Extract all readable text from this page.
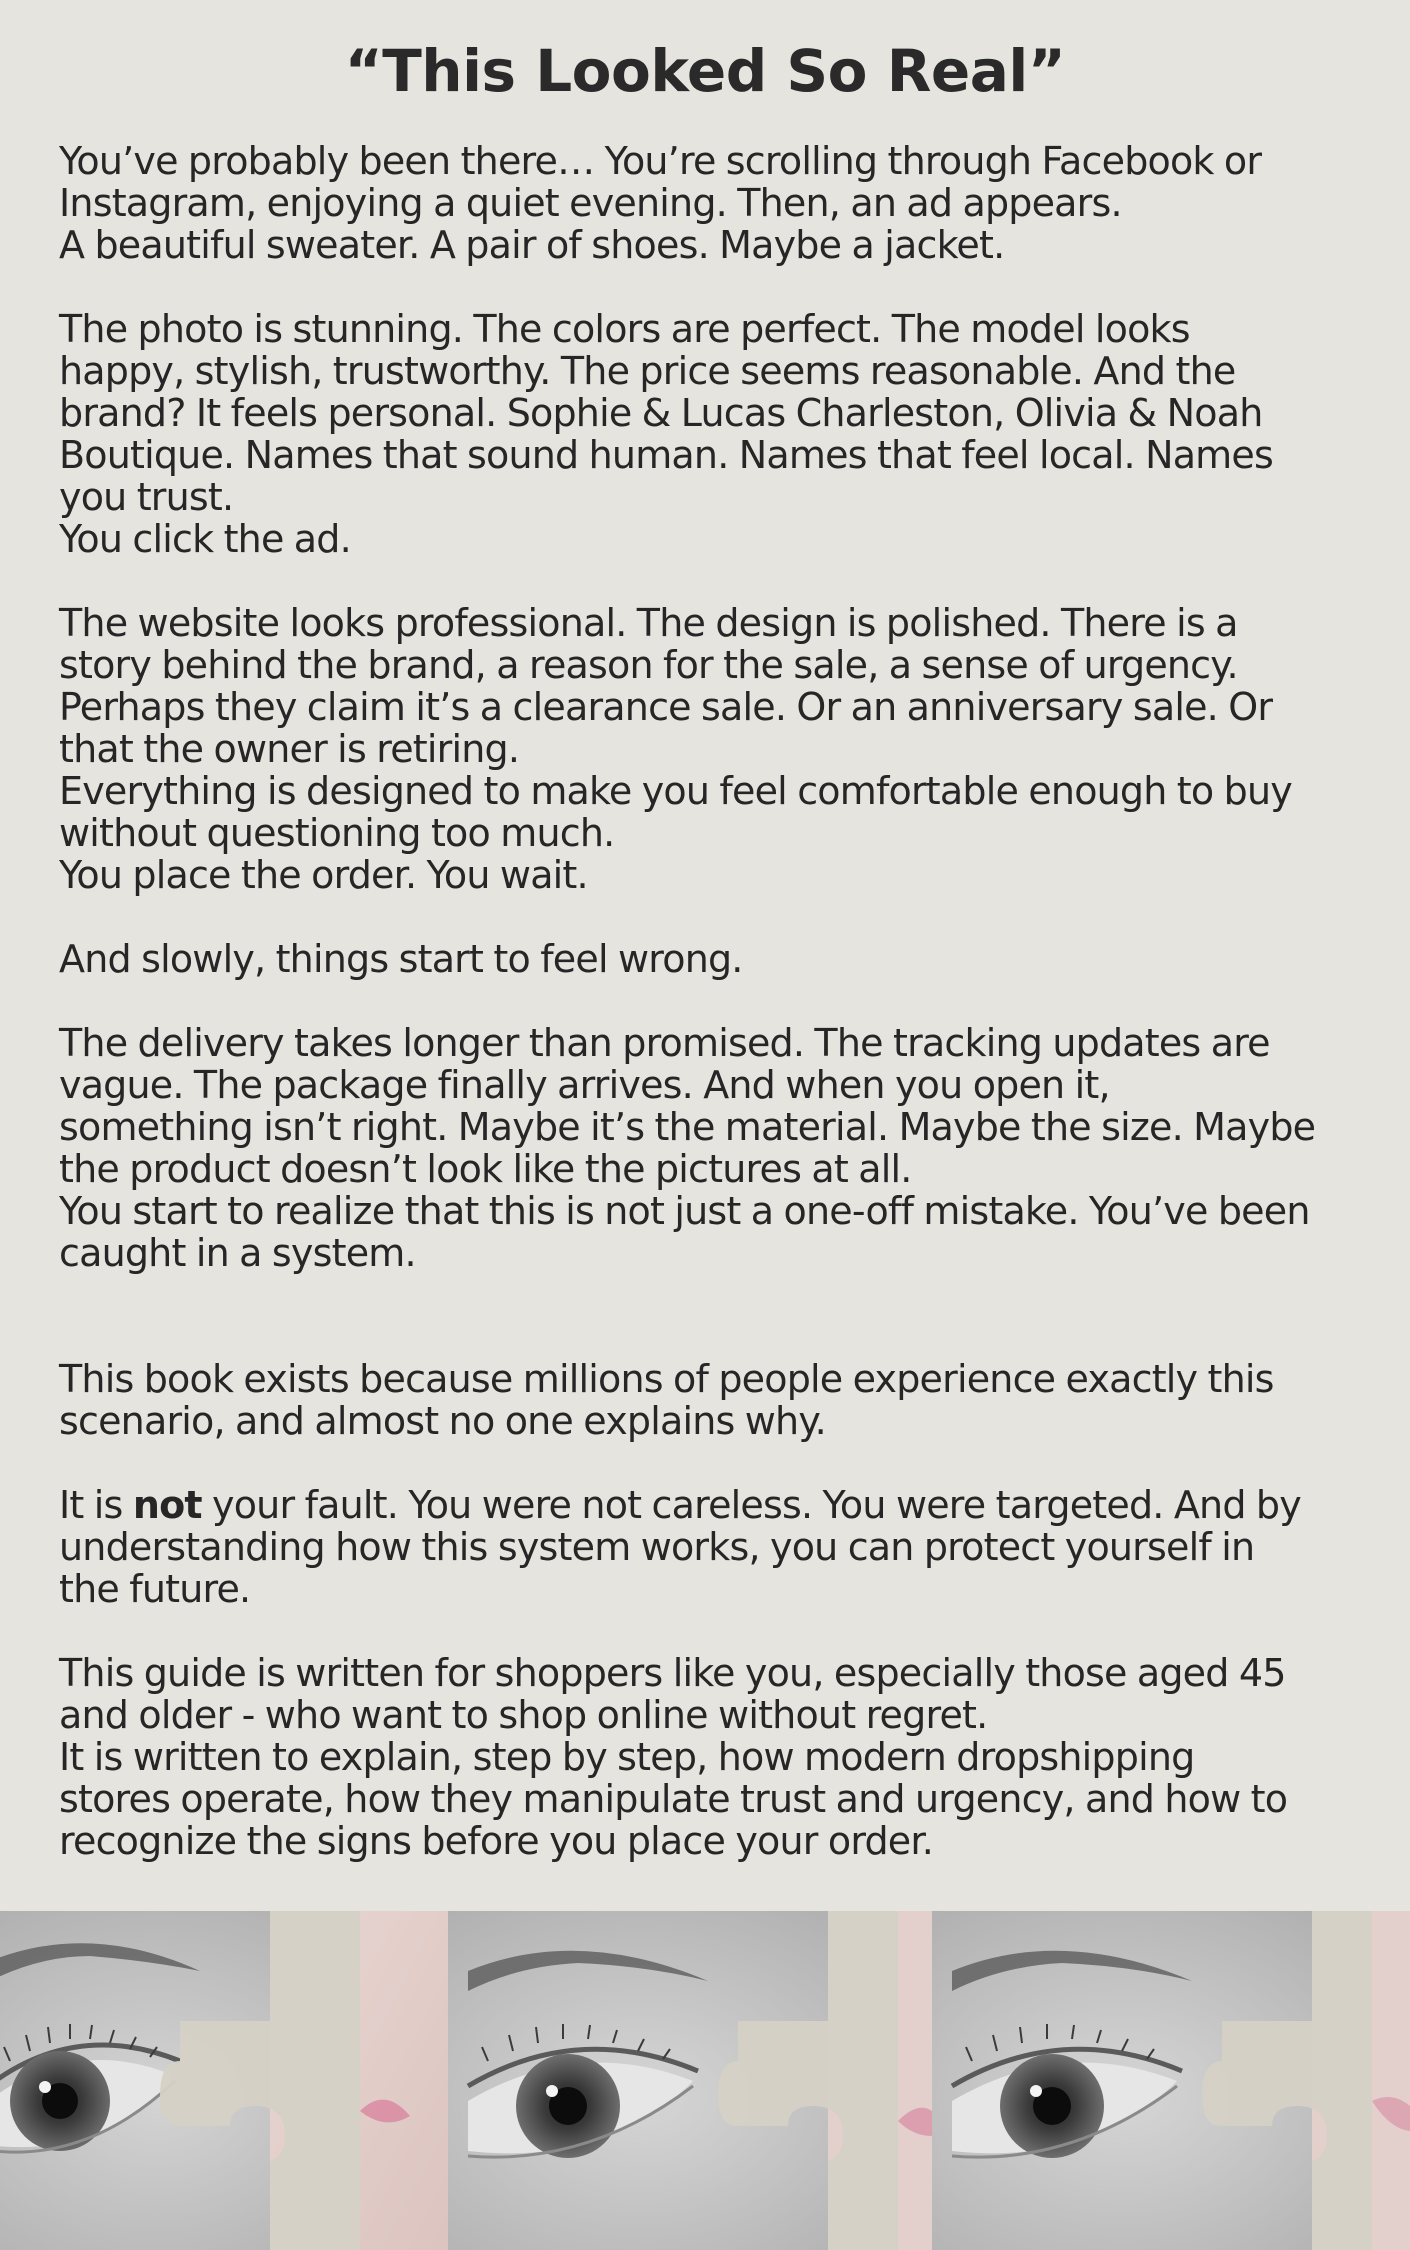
“This Looked So Real”

You’ve probably been there… You’re scrolling through Facebook or
Instagram, enjoying a quiet evening. Then, an ad appears.
A beautiful sweater. A pair of shoes. Maybe a jacket.

The photo is stunning. The colors are perfect. The model looks
happy, stylish, trustworthy. The price seems reasonable. And the
brand? It feels personal. Sophie & Lucas Charleston, Olivia & Noah
Boutique. Names that sound human. Names that feel local. Names
you trust.
You click the ad.

The website looks professional. The design is polished. There is a
story behind the brand, a reason for the sale, a sense of urgency.
Perhaps they claim it’s a clearance sale. Or an anniversary sale. Or
that the owner is retiring.
Everything is designed to make you feel comfortable enough to buy
without questioning too much.
You place the order. You wait.

And slowly, things start to feel wrong.

The delivery takes longer than promised. The tracking updates are
vague. The package finally arrives. And when you open it,
something isn’t right. Maybe it’s the material. Maybe the size. Maybe
the product doesn’t look like the pictures at all.
You start to realize that this is not just a one-off mistake. You’ve been
caught in a system.

This book exists because millions of people experience exactly this
scenario, and almost no one explains why.

It is not your fault. You were not careless. You were targeted. And by
understanding how this system works, you can protect yourself in
the future.

This guide is written for shoppers like you, especially those aged 45
and older - who want to shop online without regret.
It is written to explain, step by step, how modern dropshipping
stores operate, how they manipulate trust and urgency, and how to
recognize the signs before you place your order.
